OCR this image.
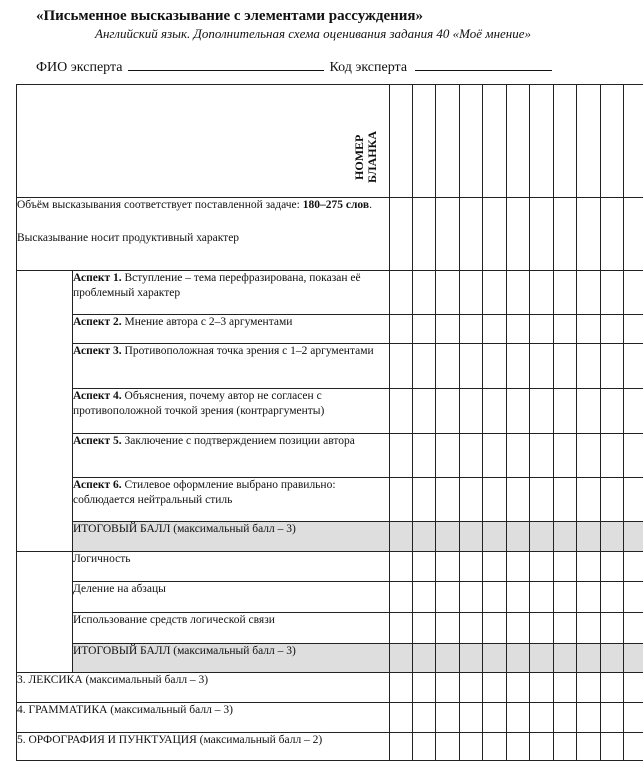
«Письменное высказывание с элементами рассуждения»
Английский язык. Дополнительная схема оценивания задания 40 «Моё мнение»
ФИО эксперта	Код эксперта
НОМЕР
БЛАНКА												

Объём высказывания соответствует поставленной задаче: 180–275 слов.
Высказывание носит продуктивный характер												
	Аспект 1. Вступление – тема перефразирована, показан её проблемный характер											
	Аспект 2. Мнение автора с 2–3 аргументами											
	Аспект 3. Противоположная точка зрения с 1–2 аргументами											
	Аспект 4. Объяснения, почему автор не согласен с противоположной точкой зрения (контраргументы)											
	Аспект 5. Заключение с подтверждением позиции автора											
	Аспект 6. Стилевое оформление выбрано правильно: соблюдается нейтральный стиль											
	ИТОГОВЫЙ БАЛЛ (максимальный балл – 3)											
	Логичность											
	Деление на абзацы											
	Использование средств логической связи											
	ИТОГОВЫЙ БАЛЛ (максимальный балл – 3)											
3. ЛЕКСИКА (максимальный балл – 3)												
4. ГРАММАТИКА (максимальный балл – 3)												
5. ОРФОГРАФИЯ И ПУНКТУАЦИЯ (максимальный балл – 2)												
